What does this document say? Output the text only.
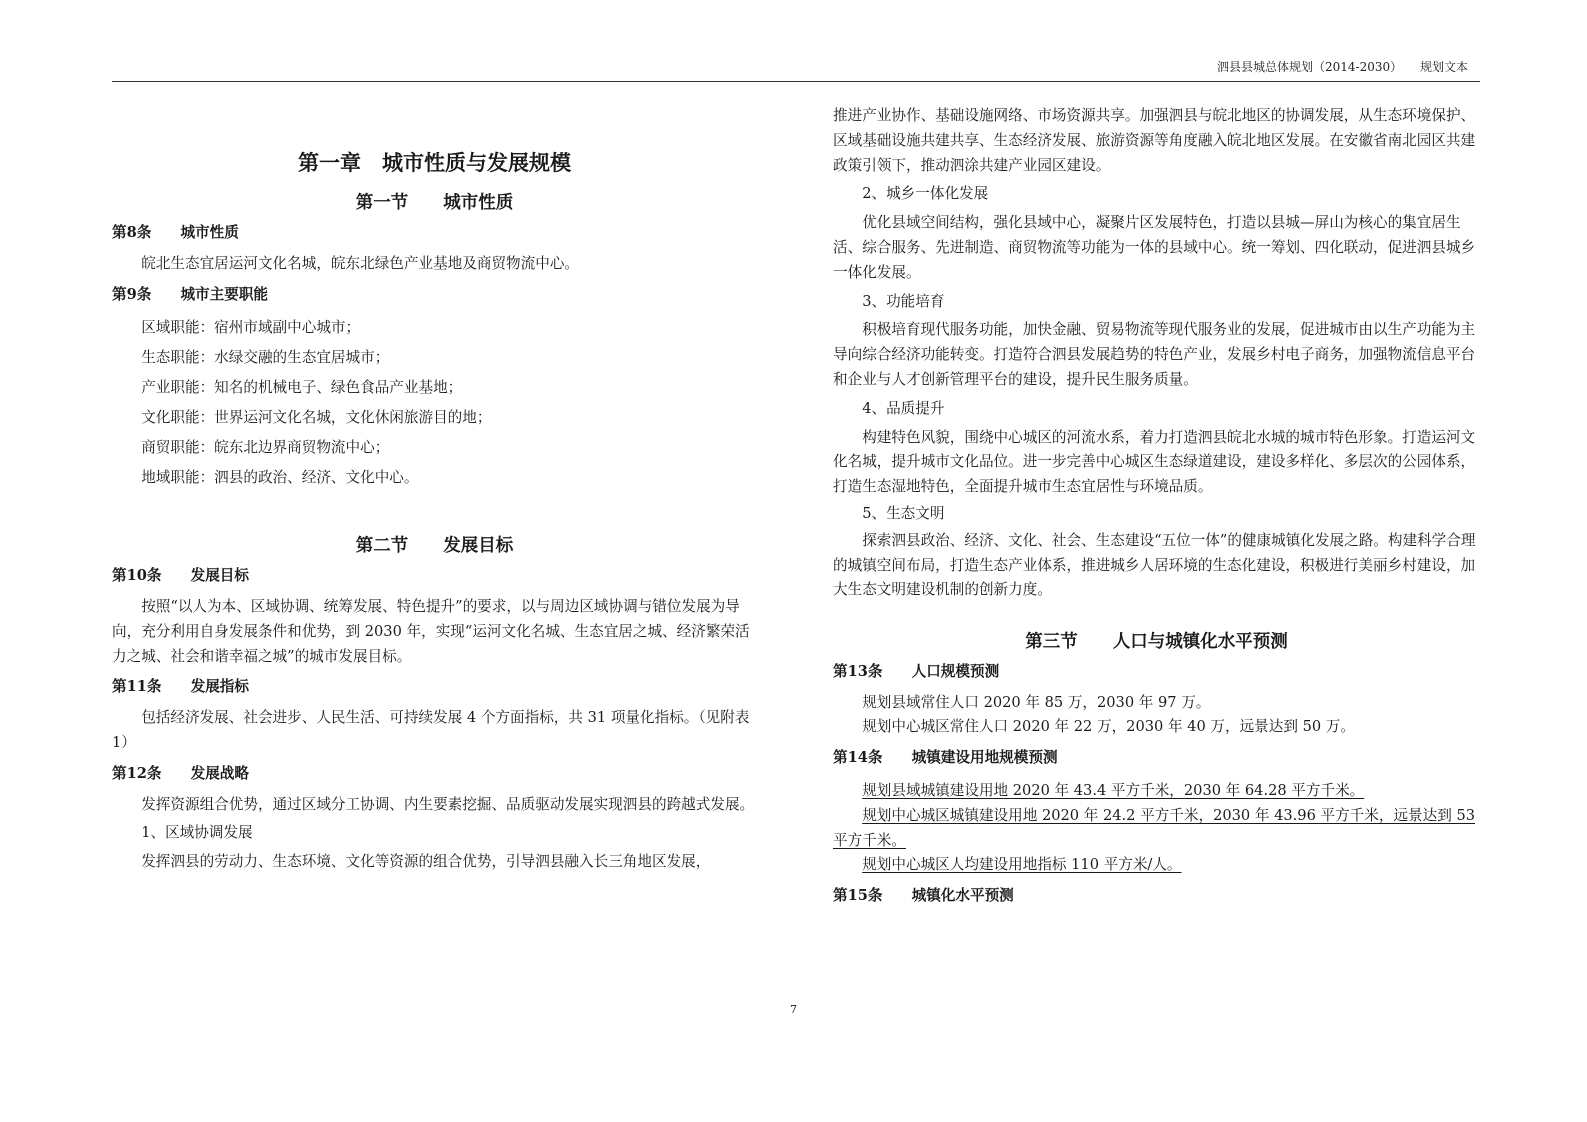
泗县县城总体规划（2014-2030） 规划文本

第一章　城市性质与发展规模

第一节　　城市性质

第8条 城市性质

皖北生态宜居运河文化名城，皖东北绿色产业基地及商贸物流中心。

第9条 城市主要职能

区域职能：宿州市域副中心城市；

生态职能：水绿交融的生态宜居城市；

产业职能：知名的机械电子、绿色食品产业基地；

文化职能：世界运河文化名城，文化休闲旅游目的地；

商贸职能：皖东北边界商贸物流中心；

地域职能：泗县的政治、经济、文化中心。

第二节　　发展目标

第10条 发展目标

按照“以人为本、区域协调、统筹发展、特色提升”的要求，以与周边区域协调与错位发展为导向，充分利用自身发展条件和优势，到 2030 年，实现“运河文化名城、生态宜居之城、经济繁荣活力之城、社会和谐幸福之城”的城市发展目标。

第11条 发展指标

包括经济发展、社会进步、人民生活、可持续发展 4 个方面指标，共 31 项量化指标。（见附表 1）

第12条 发展战略

发挥资源组合优势，通过区域分工协调、内生要素挖掘、品质驱动发展实现泗县的跨越式发展。

1、区域协调发展

发挥泗县的劳动力、生态环境、文化等资源的组合优势，引导泗县融入长三角地区发展，

推进产业协作、基础设施网络、市场资源共享。加强泗县与皖北地区的协调发展，从生态环境保护、区域基础设施共建共享、生态经济发展、旅游资源等角度融入皖北地区发展。在安徽省南北园区共建政策引领下，推动泗涂共建产业园区建设。

2、城乡一体化发展

优化县域空间结构，强化县域中心，凝聚片区发展特色，打造以县城—屏山为核心的集宜居生活、综合服务、先进制造、商贸物流等功能为一体的县域中心。统一筹划、四化联动，促进泗县城乡一体化发展。

3、功能培育

积极培育现代服务功能，加快金融、贸易物流等现代服务业的发展，促进城市由以生产功能为主导向综合经济功能转变。打造符合泗县发展趋势的特色产业，发展乡村电子商务，加强物流信息平台和企业与人才创新管理平台的建设，提升民生服务质量。

4、品质提升

构建特色风貌，围绕中心城区的河流水系，着力打造泗县皖北水城的城市特色形象。打造运河文化名城，提升城市文化品位。进一步完善中心城区生态绿道建设，建设多样化、多层次的公园体系，打造生态湿地特色，全面提升城市生态宜居性与环境品质。

5、生态文明

探索泗县政治、经济、文化、社会、生态建设“五位一体”的健康城镇化发展之路。构建科学合理的城镇空间布局，打造生态产业体系，推进城乡人居环境的生态化建设，积极进行美丽乡村建设，加大生态文明建设机制的创新力度。

第三节　　人口与城镇化水平预测

第13条 人口规模预测

规划县域常住人口 2020 年 85 万，2030 年 97 万。

规划中心城区常住人口 2020 年 22 万，2030 年 40 万，远景达到 50 万。

第14条 城镇建设用地规模预测

规划县域城镇建设用地 2020 年 43.4 平方千米，2030 年 64.28 平方千米。

规划中心城区城镇建设用地 2020 年 24.2 平方千米，2030 年 43.96 平方千米，远景达到 53 平方千米。

规划中心城区人均建设用地指标 110 平方米/人。

第15条 城镇化水平预测

7
